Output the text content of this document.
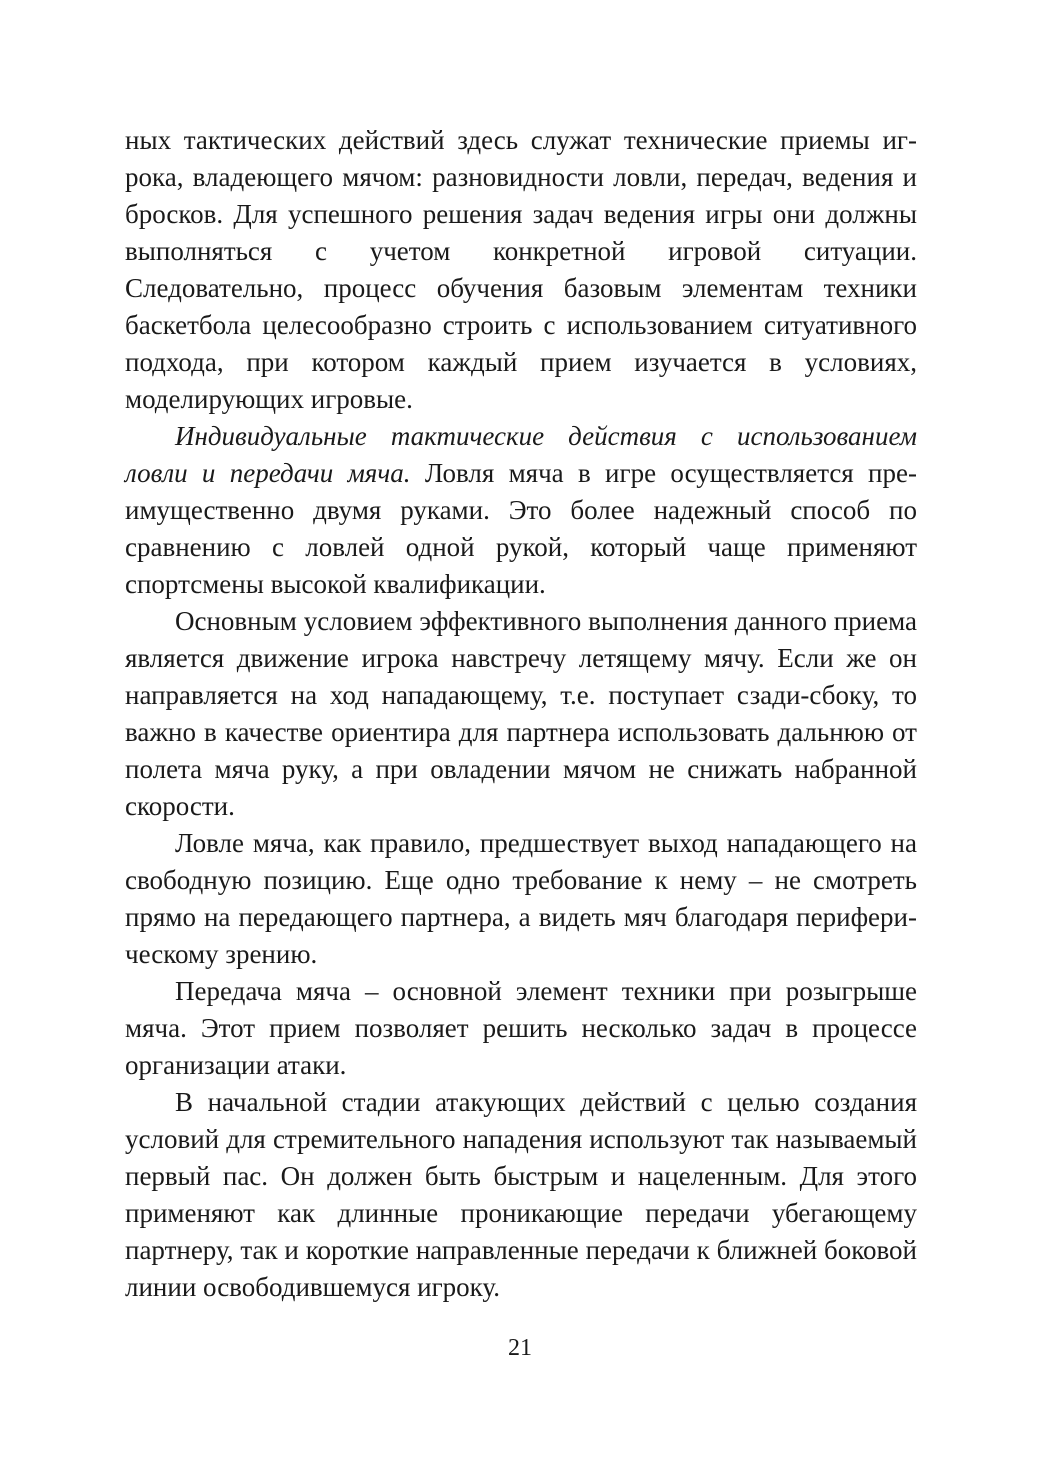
ных тактических действий здесь служат технические приемы игрока, владеющего мячом: разновидности ловли, передач, ведения и бросков. Для успешного решения задач ведения игры они должны выполняться с учетом конкретной игровой ситуации. Следовательно, процесс обучения базовым элементам техники баскетбола целесообразно строить с использованием ситуативного подхода, при котором каждый прием изучается в условиях, моделирующих игровые.

Индивидуальные тактические действия с использованием ловли и передачи мяча. Ловля мяча в игре осуществляется преимущественно двумя руками. Это более надежный способ по сравнению с ловлей одной рукой, который чаще применяют спортсмены высокой квалификации.

Основным условием эффективного выполнения данного приема является движение игрока навстречу летящему мячу. Если же он направляется на ход нападающему, т.е. поступает сзади-сбоку, то важно в качестве ориентира для партнера использовать дальнюю от полета мяча руку, а при овладении мячом не снижать набранной скорости.

Ловле мяча, как правило, предшествует выход нападающего на свободную позицию. Еще одно требование к нему – не смотреть прямо на передающего партнера, а видеть мяч благодаря периферическому зрению.

Передача мяча – основной элемент техники при розыгрыше мяча. Этот прием позволяет решить несколько задач в процессе организации атаки.

В начальной стадии атакующих действий с целью создания условий для стремительного нападения используют так называемый первый пас. Он должен быть быстрым и нацеленным. Для этого применяют как длинные проникающие передачи убегающему партнеру, так и короткие направленные передачи к ближней боковой линии освободившемуся игроку.

21
